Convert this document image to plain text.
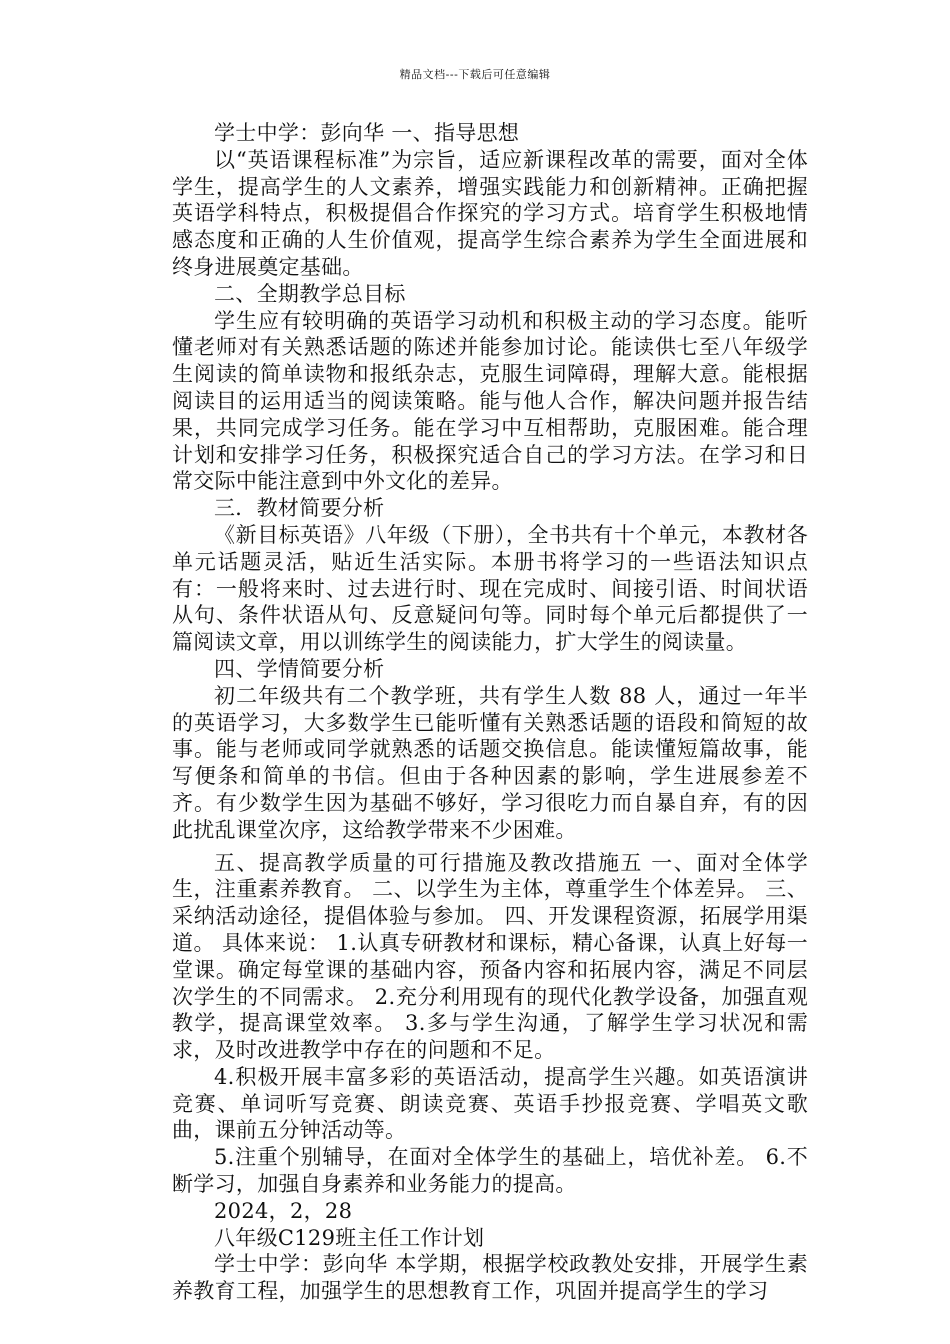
精品文档---下载后可任意编辑

学士中学：彭向华 一、指导思想

以“英语课程标准”为宗旨，适应新课程改革的需要，面对全体学生，提高学生的人文素养，增强实践能力和创新精神。正确把握英语学科特点，积极提倡合作探究的学习方式。培育学生积极地情感态度和正确的人生价值观，提高学生综合素养为学生全面进展和终身进展奠定基础。

二、全期教学总目标

学生应有较明确的英语学习动机和积极主动的学习态度。能听懂老师对有关熟悉话题的陈述并能参加讨论。能读供七至八年级学生阅读的简单读物和报纸杂志，克服生词障碍，理解大意。能根据阅读目的运用适当的阅读策略。能与他人合作，解决问题并报告结果，共同完成学习任务。能在学习中互相帮助，克服困难。能合理计划和安排学习任务，积极探究适合自己的学习方法。在学习和日常交际中能注意到中外文化的差异。

三．教材简要分析

《新目标英语》八年级（下册），全书共有十个单元，本教材各单元话题灵活，贴近生活实际。本册书将学习的一些语法知识点有：一般将来时、过去进行时、现在完成时、间接引语、时间状语从句、条件状语从句、反意疑问句等。同时每个单元后都提供了一篇阅读文章，用以训练学生的阅读能力，扩大学生的阅读量。

四、学情简要分析

初二年级共有二个教学班，共有学生人数 88 人，通过一年半的英语学习，大多数学生已能听懂有关熟悉话题的语段和简短的故事。能与老师或同学就熟悉的话题交换信息。能读懂短篇故事，能写便条和简单的书信。但由于各种因素的影响，学生进展参差不齐。有少数学生因为基础不够好，学习很吃力而自暴自弃，有的因此扰乱课堂次序，这给教学带来不少困难。

五、提高教学质量的可行措施及教改措施五 一、面对全体学生，注重素养教育。 二、以学生为主体，尊重学生个体差异。 三、采纳活动途径，提倡体验与参加。 四、开发课程资源，拓展学用渠道。 具体来说： 1.认真专研教材和课标，精心备课，认真上好每一堂课。确定每堂课的基础内容，预备内容和拓展内容，满足不同层次学生的不同需求。 2.充分利用现有的现代化教学设备，加强直观教学，提高课堂效率。 3.多与学生沟通，了解学生学习状况和需求，及时改进教学中存在的问题和不足。

4.积极开展丰富多彩的英语活动，提高学生兴趣。如英语演讲竞赛、单词听写竞赛、朗读竞赛、英语手抄报竞赛、学唱英文歌曲，课前五分钟活动等。

5.注重个别辅导，在面对全体学生的基础上，培优补差。 6.不断学习，加强自身素养和业务能力的提高。

2024，2，28

八年级C129班主任工作计划

学士中学：彭向华 本学期，根据学校政教处安排，开展学生素养教育工程，加强学生的思想教育工作，巩固并提高学生的学习
